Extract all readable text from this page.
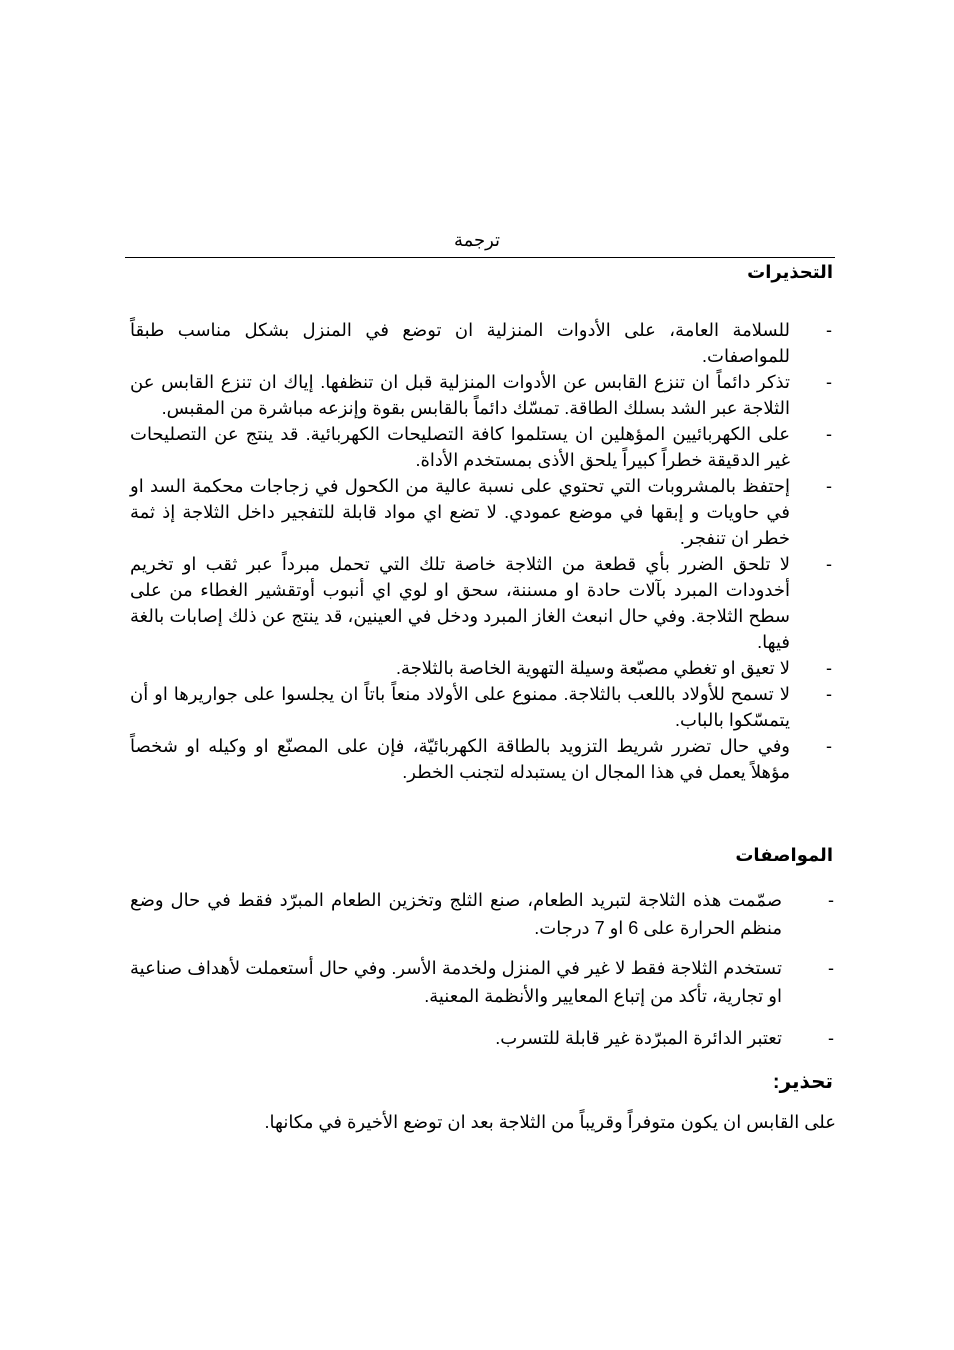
ترجمة
التحذيرات
-
للسلامة العامة، على الأدوات المنزلية ان توضع في المنزل بشكل مناسب طبقاً للمواصفات.
-
تذكر دائماً ان تنزع القابس عن الأدوات المنزلية قبل ان تنظفها. إياك ان تنزع القابس عن الثلاجة عبر الشد بسلك الطاقة. تمسّك دائماً بالقابس بقوة وإنزعه مباشرة من المقبس.
-
على الكهربائيين المؤهلين ان يستلموا كافة التصليحات الكهربائية. قد ينتج عن التصليحات غير الدقيقة خطراً كبيراً يلحق الأذى بمستخدم الأداة.
-
إحتفظ بالمشروبات التي تحتوي على نسبة عالية من الكحول في زجاجات محكمة السد او في حاويات و إبقها في موضع عمودي. لا تضع اي مواد قابلة للتفجير داخل الثلاجة إذ ثمة خطر ان تنفجر.
-
لا تلحق الضرر بأي قطعة من الثلاجة خاصة تلك التي تحمل مبرداً عبر ثقب او تخريم أخدودات المبرد بآلات حادة او مسننة، سحق او لوي اي أنبوب أوتقشير الغطاء من على سطح الثلاجة. وفي حال انبعث الغاز المبرد ودخل في العينين، قد ينتج عن ذلك إصابات بالغة فيها.
-
لا تعيق او تغطي مصبّعة وسيلة التهوية الخاصة بالثلاجة.
-
لا تسمح للأولاد باللعب بالثلاجة. ممنوع على الأولاد منعاً باتاً ان يجلسوا على جواريرها او أن يتمسّكوا بالباب.
-
وفي حال تضرر شريط التزويد بالطاقة الكهربائيّة، فإن على المصنّع او وكيله او شخصاً مؤهلاً يعمل في هذا المجال ان يستبدله لتجنب الخطر.
المواصفات
-
صمّمت هذه الثلاجة لتبريد الطعام، صنع الثلج وتخزين الطعام المبرّد فقط في حال وضع منظم الحرارة على 6 او 7 درجات.
-
تستخدم الثلاجة فقط لا غير في المنزل ولخدمة الأسر. وفي حال أستعملت لأهداف صناعية او تجارية، تأكد من إتباع المعايير والأنظمة المعنية.
-
تعتبر الدائرة المبرّدة غير قابلة للتسرب.
تحذير:
على القابس ان يكون متوفراً وقريباً من الثلاجة بعد ان توضع الأخيرة في مكانها.
